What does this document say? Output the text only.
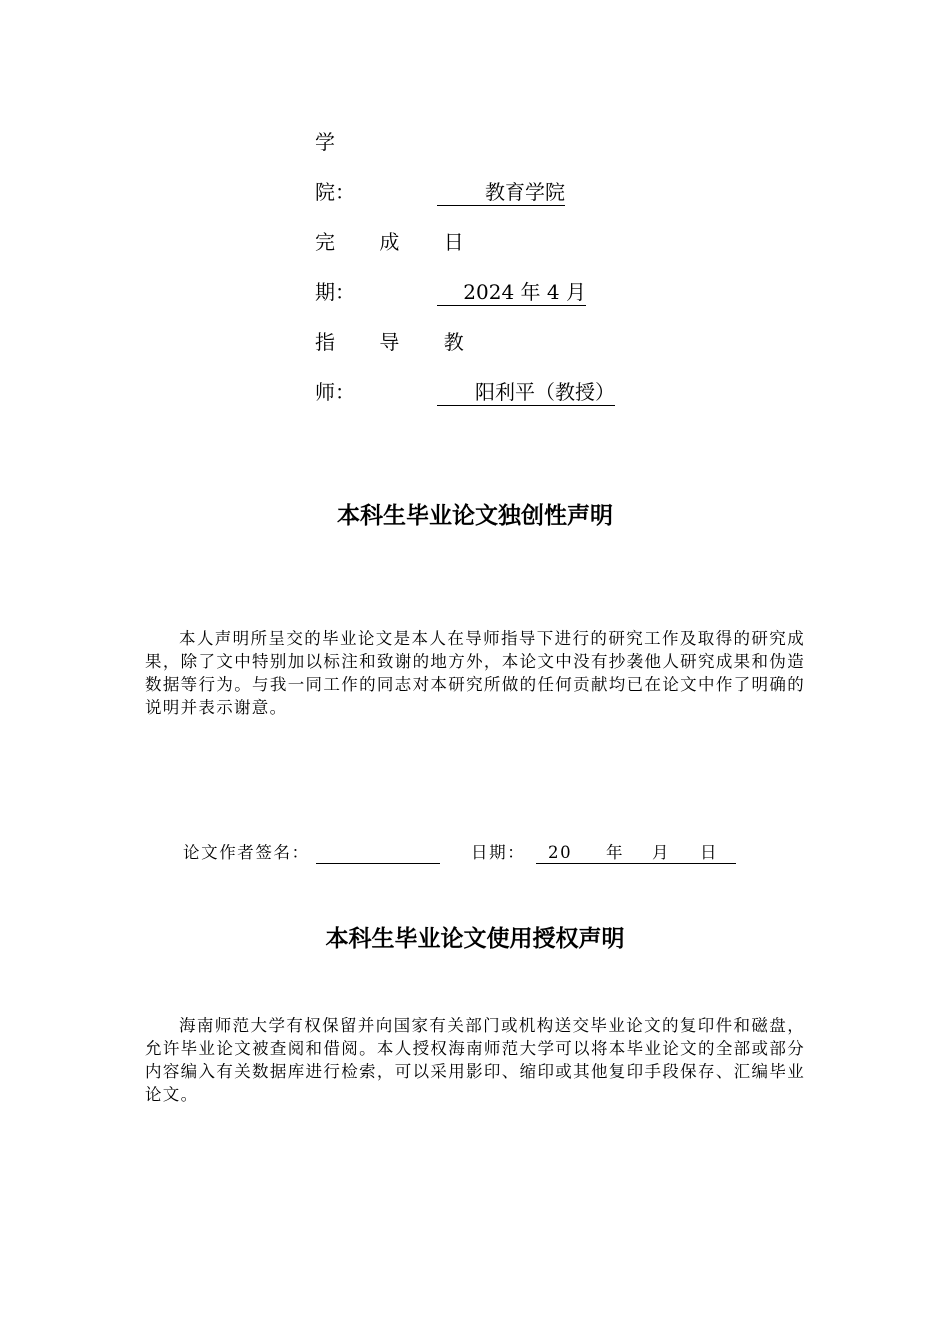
学
院：	教育学院
完 成 日
期：	2024 年 4 月
指 导 教
师：	阳利平（教授）
本科生毕业论文独创性声明

本人声明所呈交的毕业论文是本人在导师指导下进行的研究工作及取得的研究成果，除了文中特别加以标注和致谢的地方外，本论文中没有抄袭他人研究成果和伪造数据等行为。与我一同工作的同志对本研究所做的任何贡献均已在论文中作了明确的说明并表示谢意。

论文作者签名：	日期： 20 年 月 日
本科生毕业论文使用授权声明

海南师范大学有权保留并向国家有关部门或机构送交毕业论文的复印件和磁盘，允许毕业论文被查阅和借阅。本人授权海南师范大学可以将本毕业论文的全部或部分内容编入有关数据库进行检索，可以采用影印、缩印或其他复印手段保存、汇编毕业论文。
